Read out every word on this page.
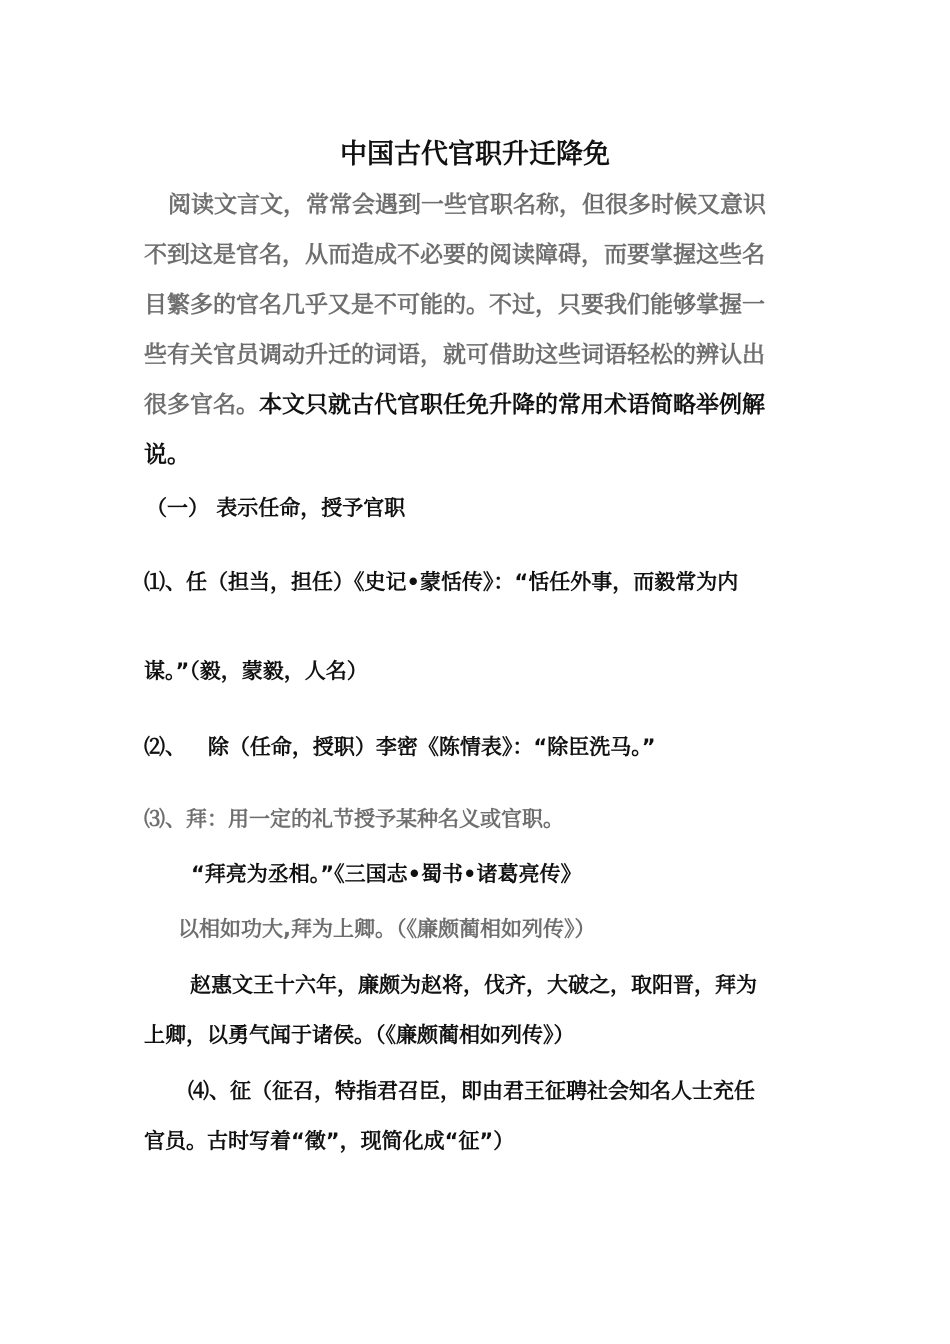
中国古代官职升迁降免
阅读文言文，常常会遇到一些官职名称，但很多时候又意识
不到这是官名，从而造成不必要的阅读障碍，而要掌握这些名
目繁多的官名几乎又是不可能的。不过，只要我们能够掌握一
些有关官员调动升迁的词语，就可借助这些词语轻松的辨认出
很多官名。本文只就古代官职任免升降的常用术语简略举例解
说。
（一） 表示任命，授予官职
⑴、任（担当，担任）《史记•蒙恬传》：“恬任外事，而毅常为内
谋。”（毅，蒙毅，人名）
⑵、   除（任命，授职）李密《陈情表》：“除臣洗马。”
⑶、拜：用一定的礼节授予某种名义或官职。
“拜亮为丞相。”《三国志•蜀书•诸葛亮传》
以相如功大,拜为上卿。（《廉颇蔺相如列传》）
赵惠文王十六年，廉颇为赵将，伐齐，大破之，取阳晋，拜为
上卿，以勇气闻于诸侯。（《廉颇蔺相如列传》）
⑷、征（征召，特指君召臣，即由君王征聘社会知名人士充任
官员。古时写着“徵”，现简化成“征”）
